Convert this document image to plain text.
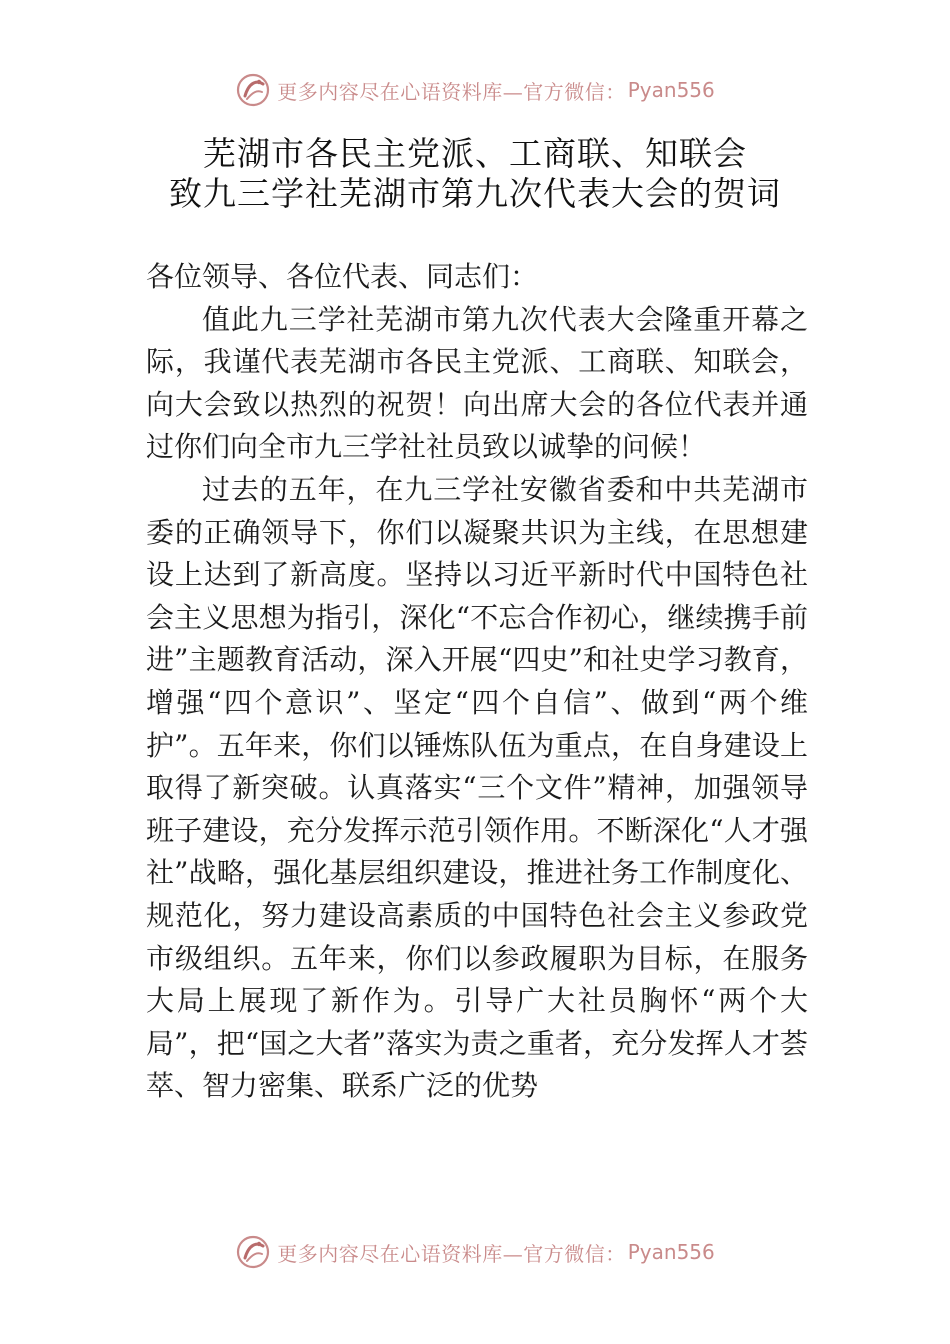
更多内容尽在心语资料库—官方微信： Pyan556
芜湖市各民主党派、工商联、知联会
致九三学社芜湖市第九次代表大会的贺词

各位领导、各位代表、同志们：

值此九三学社芜湖市第九次代表大会隆重开幕之际，我谨代表芜湖市各民主党派、工商联、知联会，向大会致以热烈的祝贺！向出席大会的各位代表并通过你们向全市九三学社社员致以诚挚的问候！

过去的五年，在九三学社安徽省委和中共芜湖市委的正确领导下，你们以凝聚共识为主线，在思想建设上达到了新高度。坚持以习近平新时代中国特色社会主义思想为指引，深化“不忘合作初心，继续携手前进”主题教育活动，深入开展“四史”和社史学习教育，增强“四个意识”、坚定“四个自信”、做到“两个维护”。五年来，你们以锤炼队伍为重点，在自身建设上取得了新突破。认真落实“三个文件”精神，加强领导班子建设，充分发挥示范引领作用。不断深化“人才强社”战略，强化基层组织建设，推进社务工作制度化、规范化，努力建设高素质的中国特色社会主义参政党市级组织。五年来，你们以参政履职为目标，在服务大局上展现了新作为。引导广大社员胸怀“两个大局”，把“国之大者”落实为责之重者，充分发挥人才荟萃、智力密集、联系广泛的优势

更多内容尽在心语资料库—官方微信： Pyan556
